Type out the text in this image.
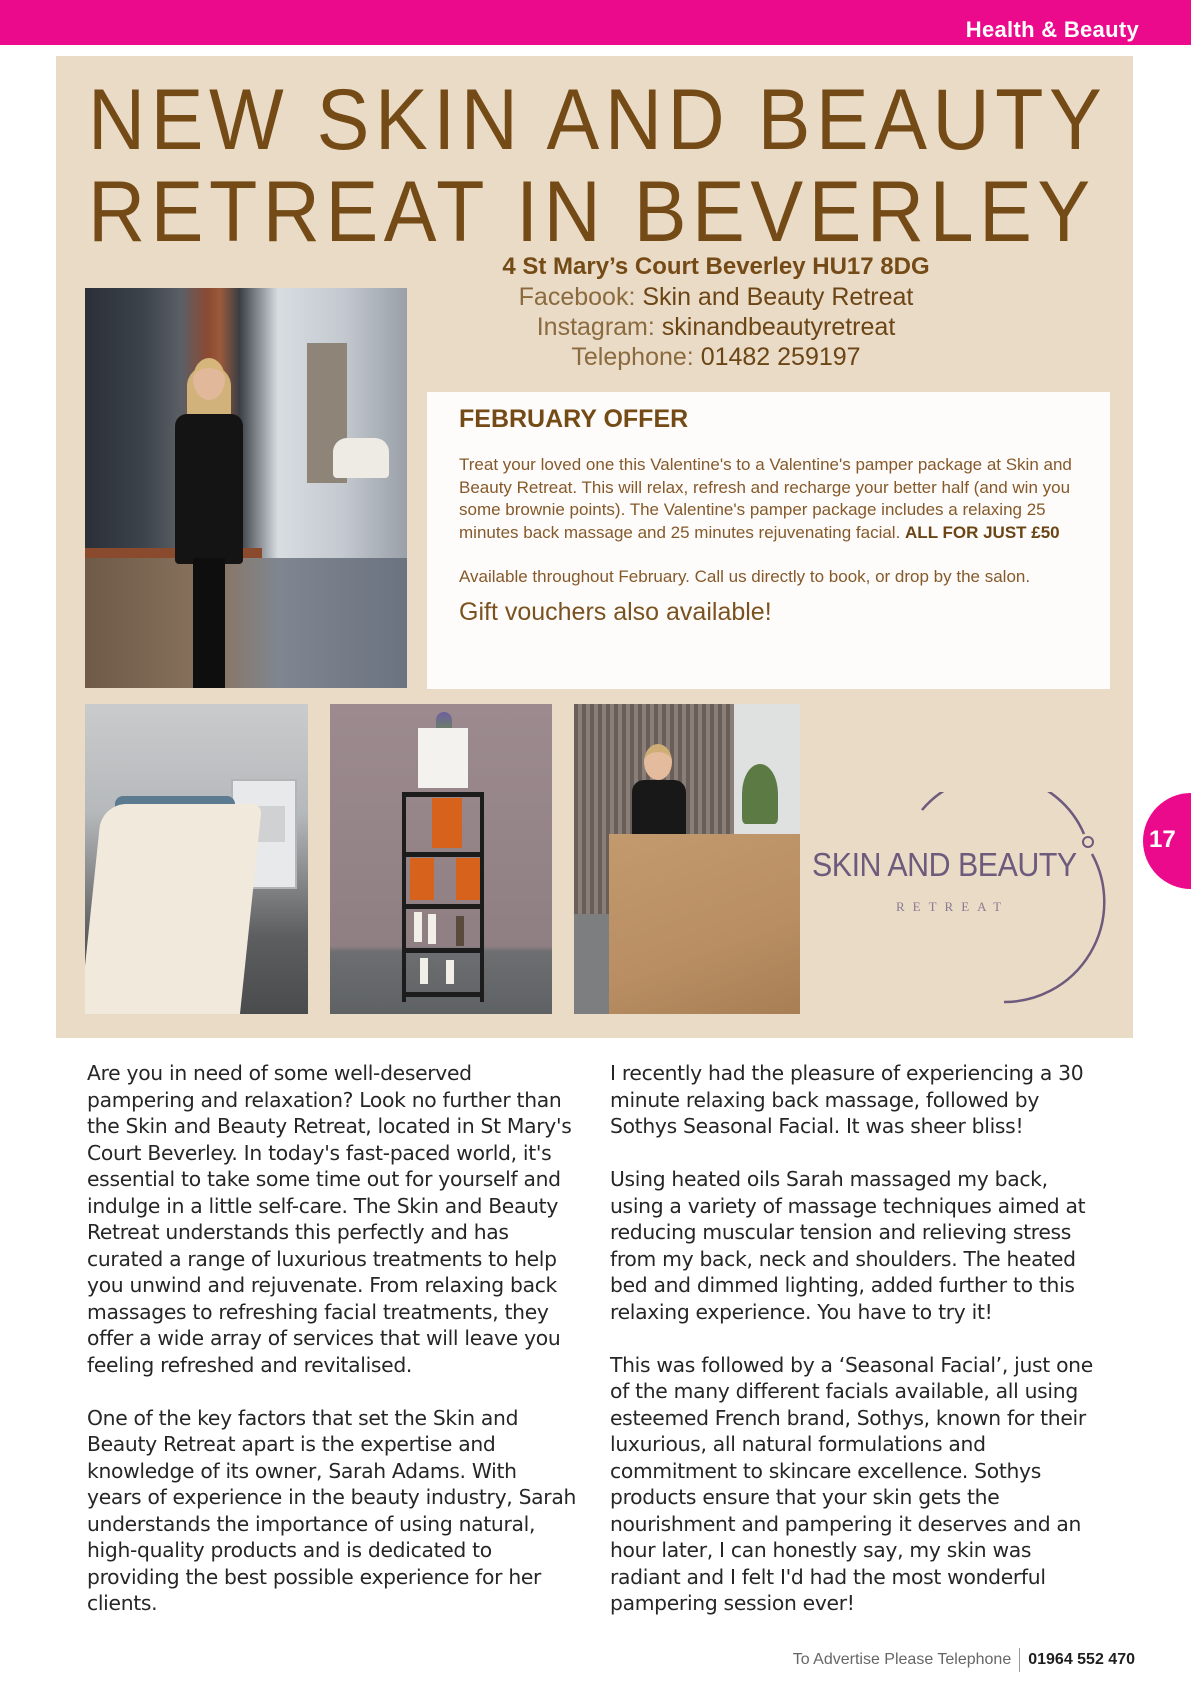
Health & Beauty
NEW SKIN AND BEAUTY
RETREAT IN BEVERLEY
4 St Mary’s Court Beverley HU17 8DG
Facebook: Skin and Beauty Retreat
Instagram: skinandbeautyretreat
Telephone: 01482 259197
FEBRUARY OFFER
Treat your loved one this Valentine's to a Valentine's pamper package at Skin and Beauty Retreat. This will relax, refresh and recharge your better half (and win you some brownie points). The Valentine's pamper package includes a relaxing 25 minutes back massage and 25 minutes rejuvenating facial. ALL FOR JUST £50
Available throughout February. Call us directly to book, or drop by the salon.
Gift vouchers also available!
SKIN AND BEAUTY
RETREAT
17

Are you in need of some well-deserved pampering and relaxation? Look no further than the Skin and Beauty Retreat, located in St Mary's Court Beverley. In today's fast-paced world, it's essential to take some time out for yourself and indulge in a little self-care. The Skin and Beauty Retreat understands this perfectly and has curated a range of luxurious treatments to help you unwind and rejuvenate. From relaxing back massages to refreshing facial treatments, they offer a wide array of services that will leave you feeling refreshed and revitalised.

One of the key factors that set the Skin and Beauty Retreat apart is the expertise and knowledge of its owner, Sarah Adams. With years of experience in the beauty industry, Sarah understands the importance of using natural, high-quality products and is dedicated to providing the best possible experience for her clients.

I recently had the pleasure of experiencing a 30 minute relaxing back massage, followed by Sothys Seasonal Facial. It was sheer bliss!

Using heated oils Sarah massaged my back, using a variety of massage techniques aimed at reducing muscular tension and relieving stress from my back, neck and shoulders. The heated bed and dimmed lighting, added further to this relaxing experience. You have to try it!

This was followed by a ‘Seasonal Facial’, just one of the many different facials available, all using esteemed French brand, Sothys, known for their luxurious, all natural formulations and commitment to skincare excellence. Sothys products ensure that your skin gets the nourishment and pampering it deserves and an hour later, I can honestly say, my skin was radiant and I felt I'd had the most wonderful pampering session ever!

To Advertise Please Telephone 01964 552 470
